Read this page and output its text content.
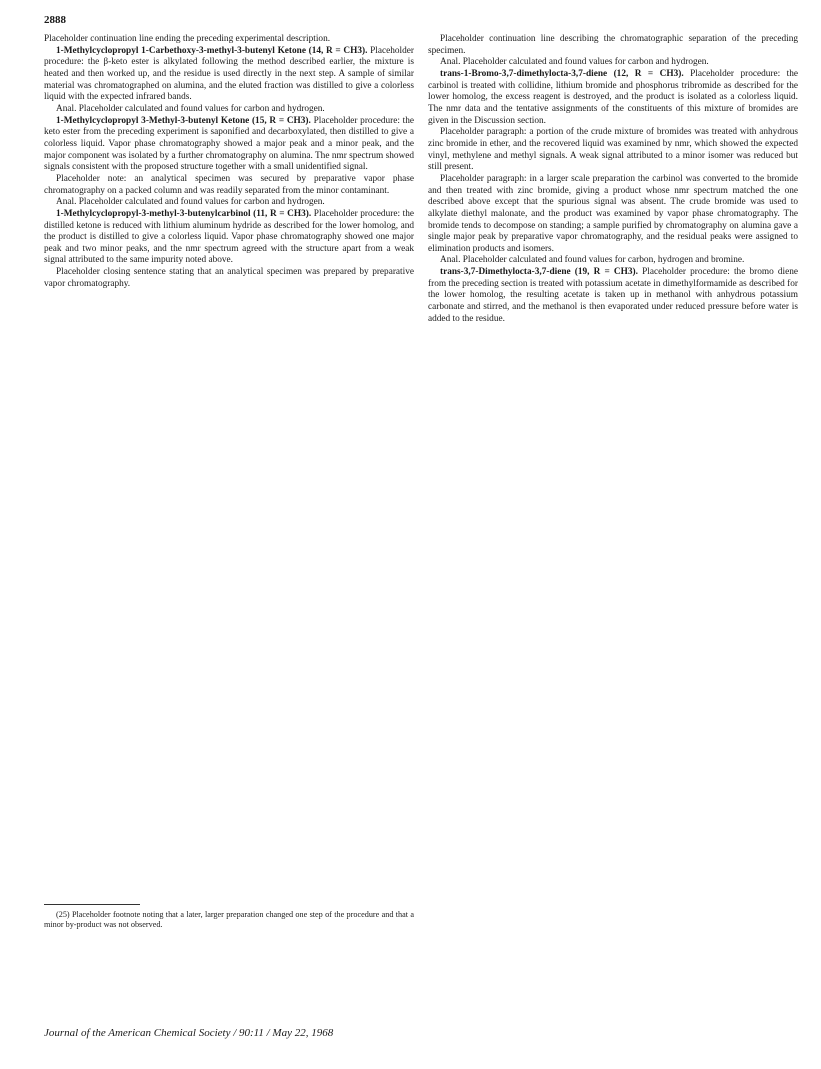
2888

Placeholder continuation line ending the preceding experimental description.

1-Methylcyclopropyl 1-Carbethoxy-3-methyl-3-butenyl Ketone (14, R = CH3). Placeholder procedure: the β-keto ester is alkylated following the method described earlier, the mixture is heated and then worked up, and the residue is used directly in the next step. A sample of similar material was chromatographed on alumina, and the eluted fraction was distilled to give a colorless liquid with the expected infrared bands.

Anal. Placeholder calculated and found values for carbon and hydrogen.

1-Methylcyclopropyl 3-Methyl-3-butenyl Ketone (15, R = CH3). Placeholder procedure: the keto ester from the preceding experiment is saponified and decarboxylated, then distilled to give a colorless liquid. Vapor phase chromatography showed a major peak and a minor peak, and the major component was isolated by a further chromatography on alumina. The nmr spectrum showed signals consistent with the proposed structure together with a small unidentified signal.

Placeholder note: an analytical specimen was secured by preparative vapor phase chromatography on a packed column and was readily separated from the minor contaminant.

Anal. Placeholder calculated and found values for carbon and hydrogen.

1-Methylcyclopropyl-3-methyl-3-butenylcarbinol (11, R = CH3). Placeholder procedure: the distilled ketone is reduced with lithium aluminum hydride as described for the lower homolog, and the product is distilled to give a colorless liquid. Vapor phase chromatography showed one major peak and two minor peaks, and the nmr spectrum agreed with the structure apart from a weak signal attributed to the same impurity noted above.

Placeholder closing sentence stating that an analytical specimen was prepared by preparative vapor chromatography.

Placeholder continuation line describing the chromatographic separation of the preceding specimen.

Anal. Placeholder calculated and found values for carbon and hydrogen.

trans-1-Bromo-3,7-dimethylocta-3,7-diene (12, R = CH3). Placeholder procedure: the carbinol is treated with collidine, lithium bromide and phosphorus tribromide as described for the lower homolog, the excess reagent is destroyed, and the product is isolated as a colorless liquid. The nmr data and the tentative assignments of the constituents of this mixture of bromides are given in the Discussion section.

Placeholder paragraph: a portion of the crude mixture of bromides was treated with anhydrous zinc bromide in ether, and the recovered liquid was examined by nmr, which showed the expected vinyl, methylene and methyl signals. A weak signal attributed to a minor isomer was reduced but still present.

Placeholder paragraph: in a larger scale preparation the carbinol was converted to the bromide and then treated with zinc bromide, giving a product whose nmr spectrum matched the one described above except that the spurious signal was absent. The crude bromide was used to alkylate diethyl malonate, and the product was examined by vapor phase chromatography. The bromide tends to decompose on standing; a sample purified by chromatography on alumina gave a single major peak by preparative vapor chromatography, and the residual peaks were assigned to elimination products and isomers.

Anal. Placeholder calculated and found values for carbon, hydrogen and bromine.

trans-3,7-Dimethylocta-3,7-diene (19, R = CH3). Placeholder procedure: the bromo diene from the preceding section is treated with potassium acetate in dimethylformamide as described for the lower homolog, the resulting acetate is taken up in methanol with anhydrous potassium carbonate and stirred, and the methanol is then evaporated under reduced pressure before water is added to the residue.

(25) Placeholder footnote noting that a later, larger preparation changed one step of the procedure and that a minor by-product was not observed.

Journal of the American Chemical Society / 90:11 / May 22, 1968
